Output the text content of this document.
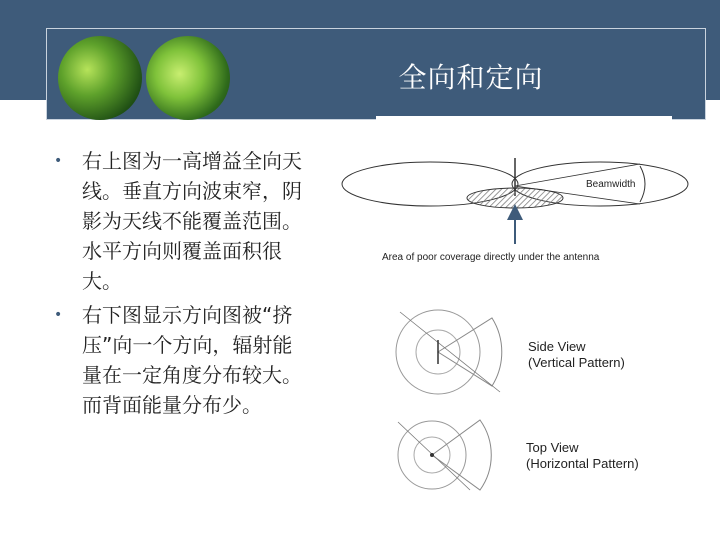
全向和定向
• 右上图为一高增益全向天线。垂直方向波束窄，阴影为天线不能覆盖范围。水平方向则覆盖面积很大。
• 右下图显示方向图被“挤压”向一个方向，辐射能量在一定角度分布较大。而背面能量分布少。
Beamwidth
Area of poor coverage directly under the antenna
Side View
(Vertical Pattern)
Top View
(Horizontal Pattern)
